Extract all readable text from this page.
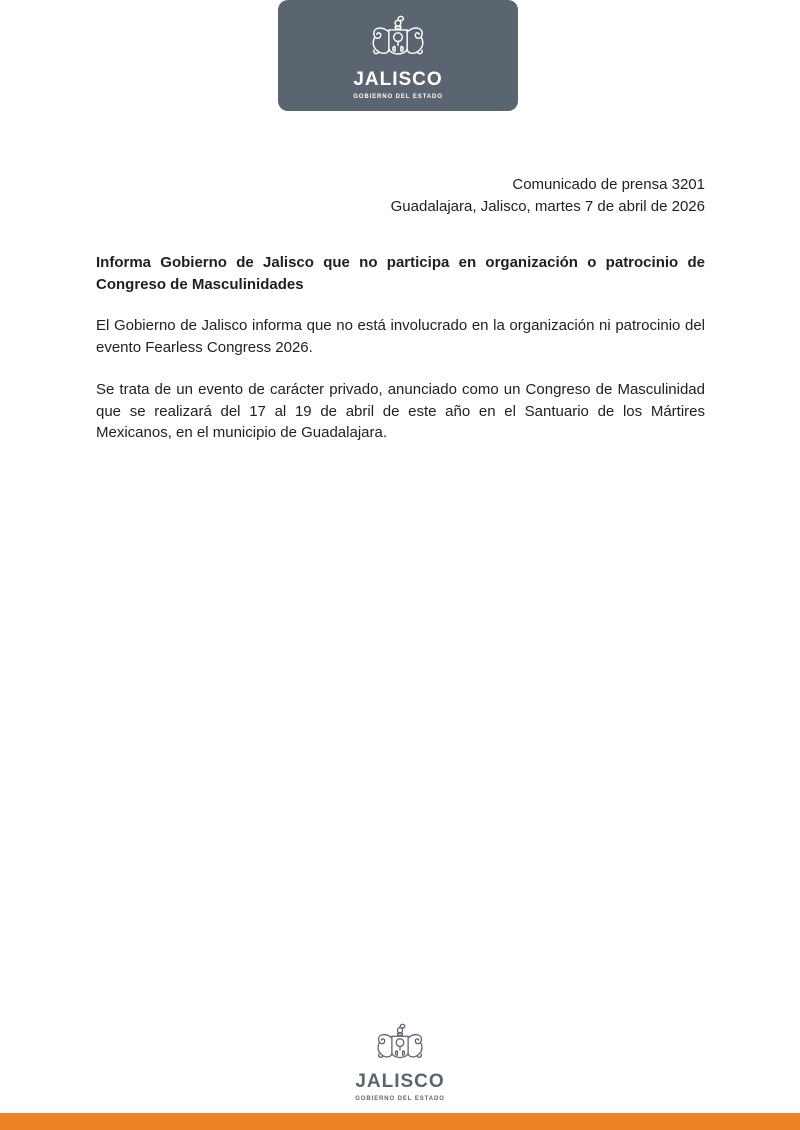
JALISCO
GOBIERNO DEL ESTADO
Comunicado de prensa 3201
Guadalajara, Jalisco, martes 7 de abril de 2026

Informa Gobierno de Jalisco que no participa en organización o patrocinio de Congreso de Masculinidades

El Gobierno de Jalisco informa que no está involucrado en la organización ni patrocinio del evento Fearless Congress 2026.

Se trata de un evento de carácter privado, anunciado como un Congreso de Masculinidad que se realizará del 17 al 19 de abril de este año en el Santuario de los Mártires Mexicanos, en el municipio de Guadalajara.

JALISCO
GOBIERNO DEL ESTADO
